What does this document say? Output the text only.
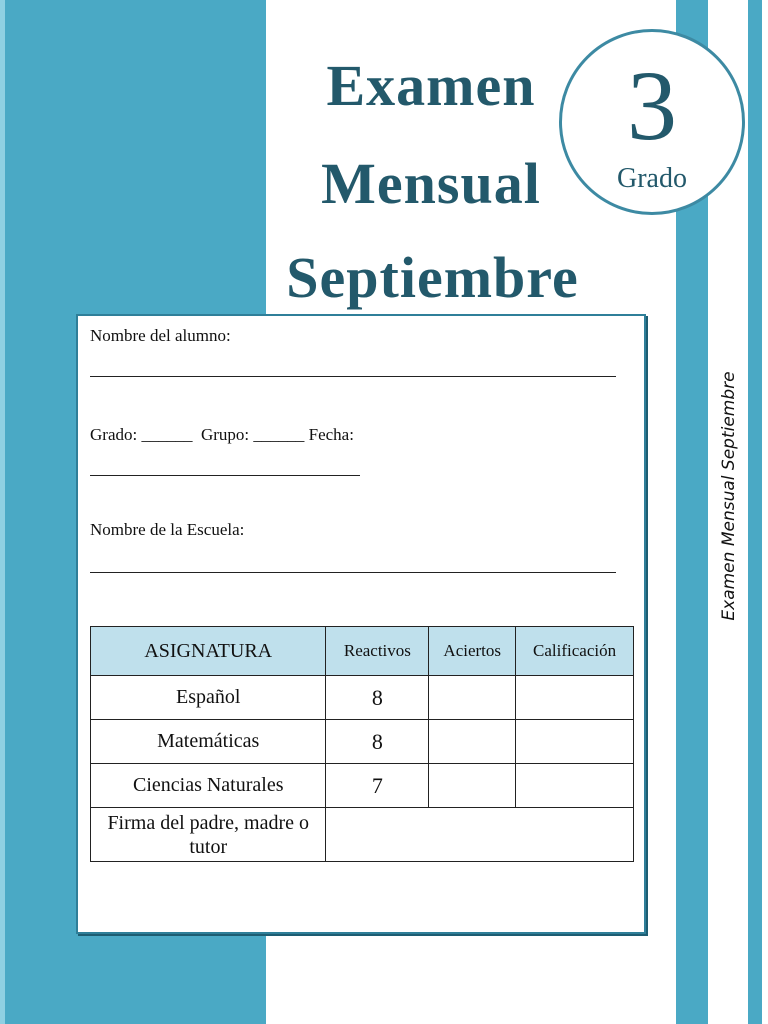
Examen
Mensual
Septiembre
3
Grado
Examen Mensual Septiembre
Nombre del alumno:
Grado: ______  Grupo: ______ Fecha:
Nombre de la Escuela:
ASIGNATURA	Reactivos	Aciertos	Calificación
Español	8		
Matemáticas	8		
Ciencias Naturales	7		
Firma del padre, madre o tutor			
